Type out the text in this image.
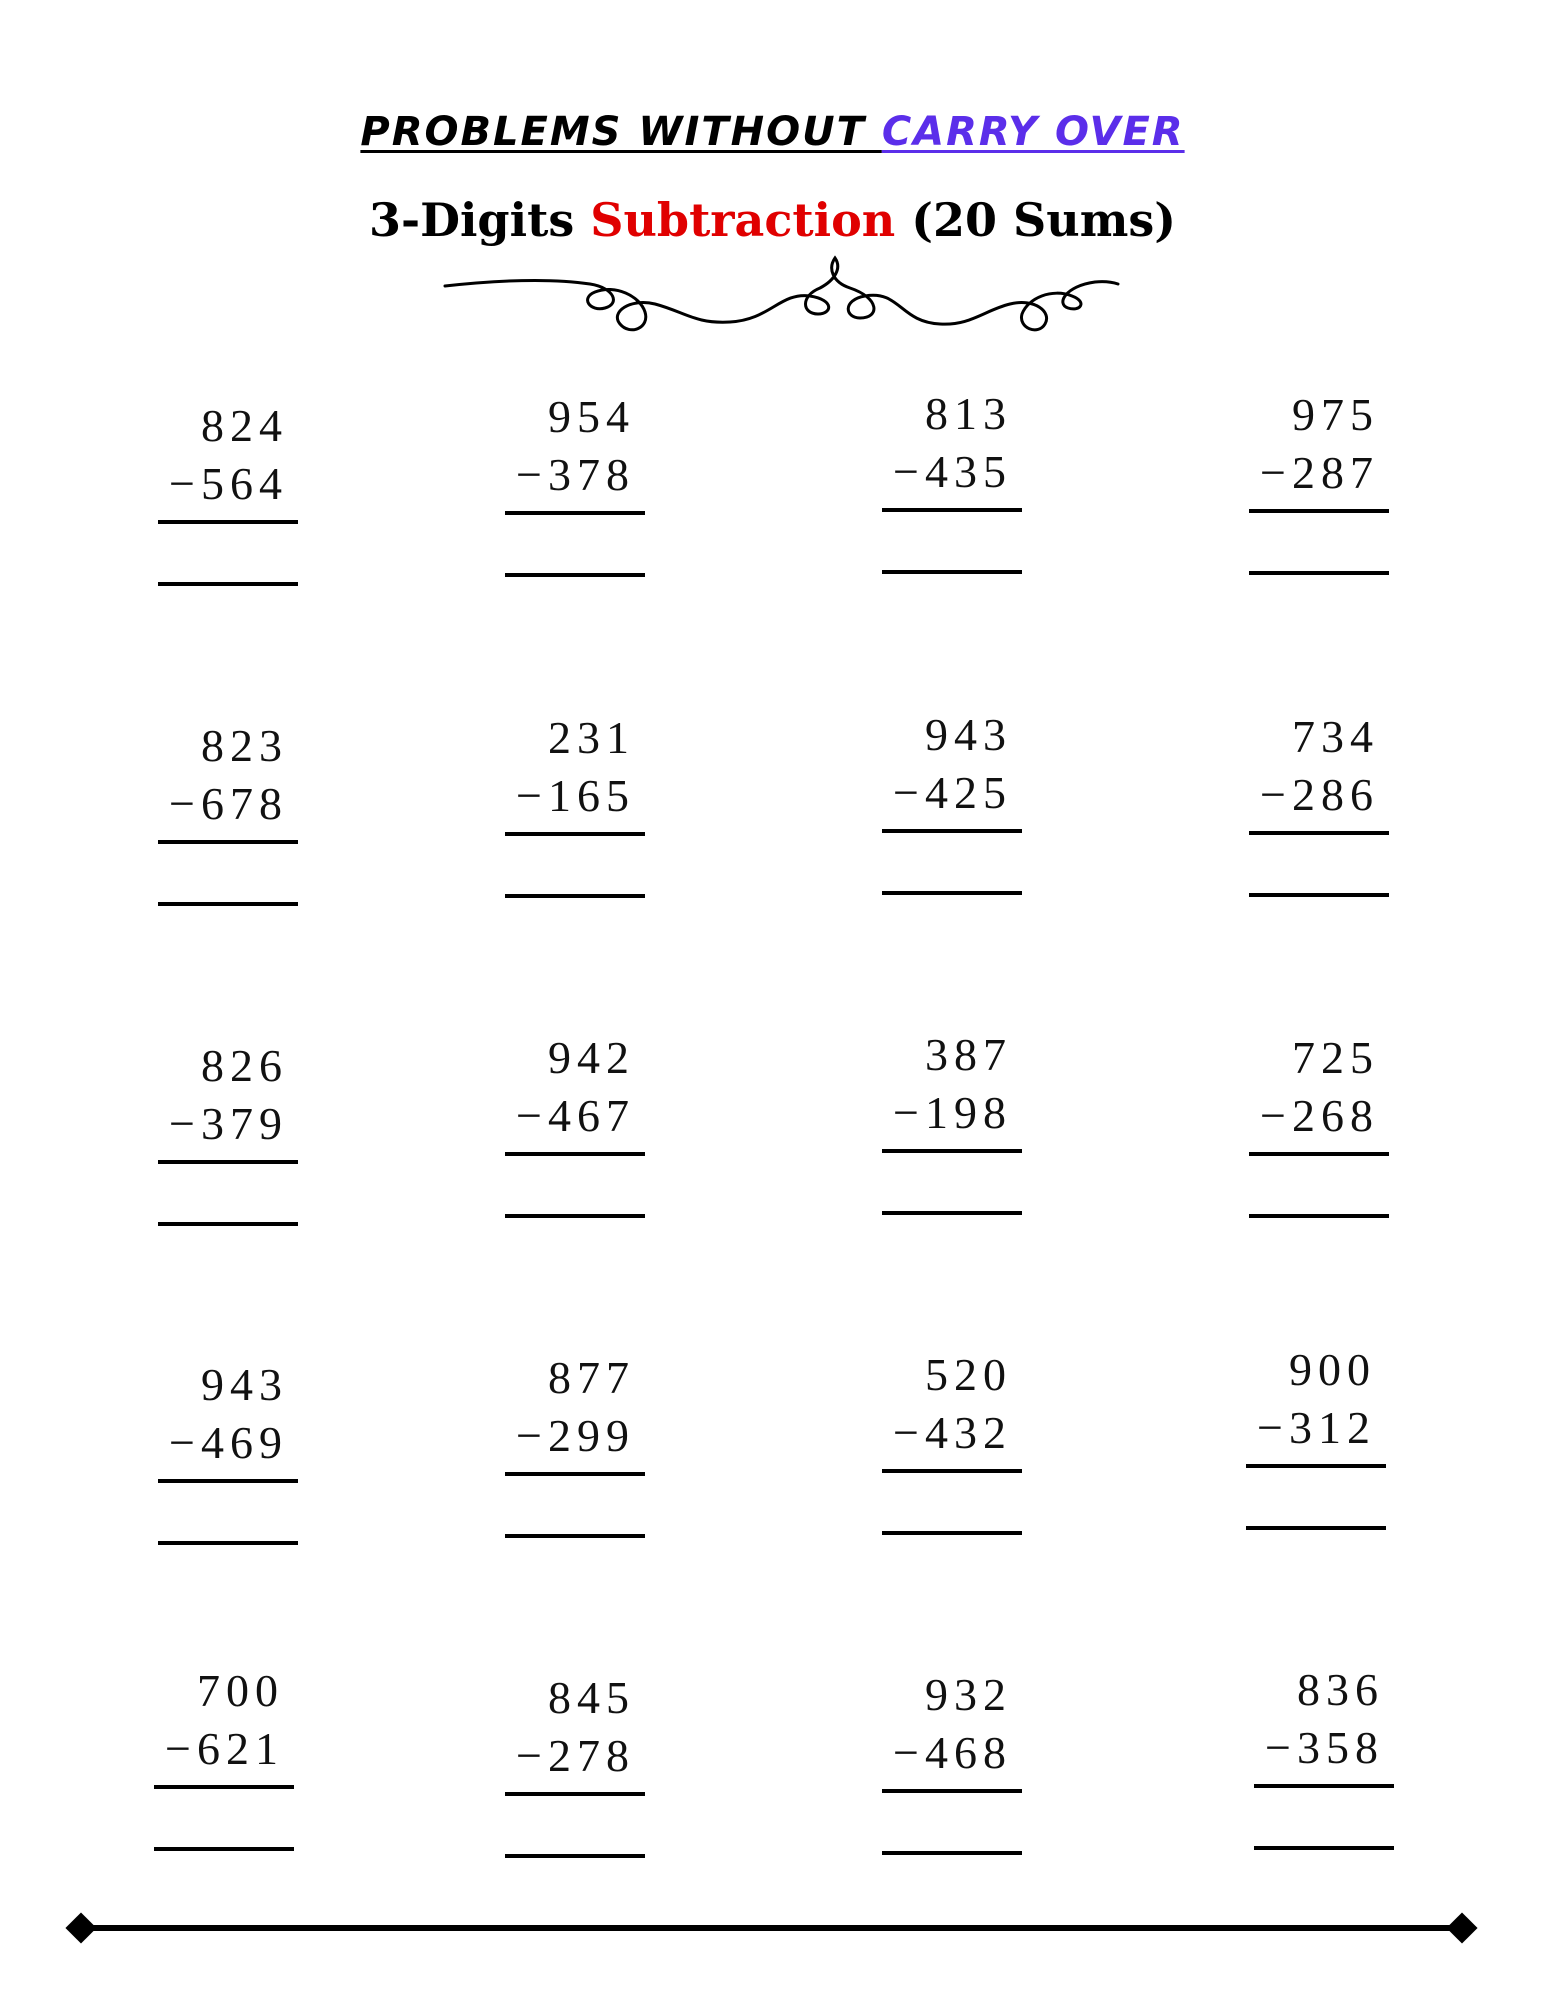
PROBLEMS WITHOUT CARRY OVER
3-Digits Subtraction (20 Sums)
824
−564
954
−378
813
−435
975
−287
823
−678
231
−165
943
−425
734
−286
826
−379
942
−467
387
−198
725
−268
943
−469
877
−299
520
−432
900
−312
700
−621
845
−278
932
−468
836
−358
